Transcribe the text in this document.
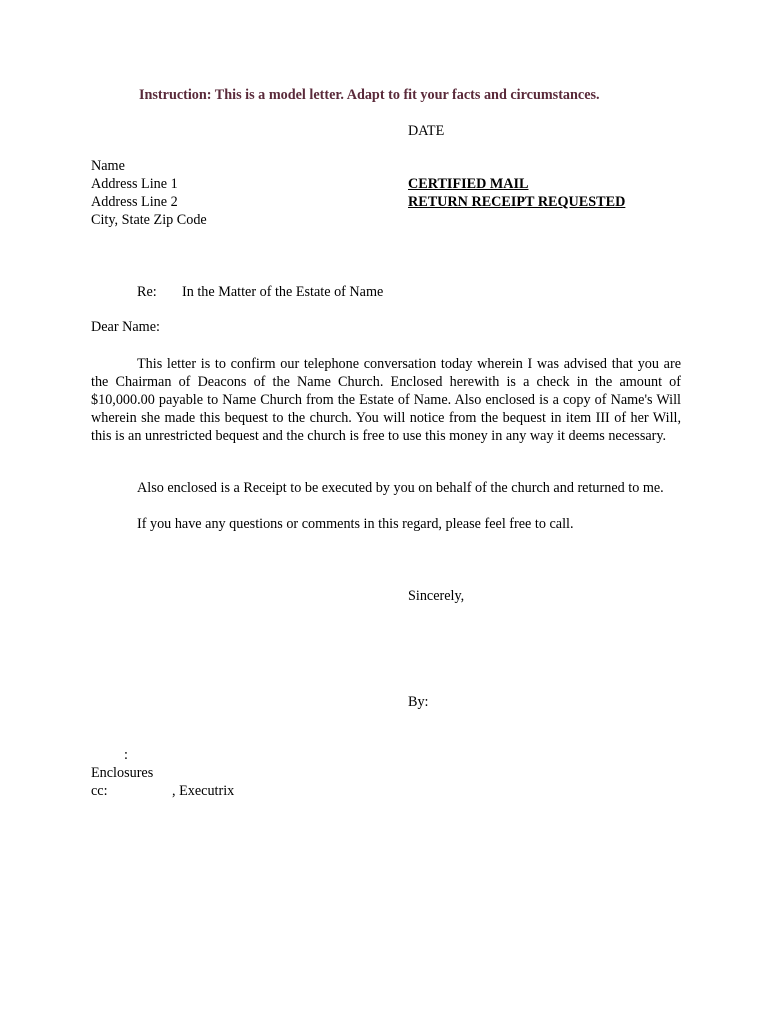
Instruction: This is a model letter. Adapt to fit your facts and circumstances.
DATE
Name
Address Line 1
Address Line 2
City, State Zip Code
CERTIFIED MAIL
RETURN RECEIPT REQUESTED
Re: In the Matter of the Estate of Name
Dear Name:
This letter is to confirm our telephone conversation today wherein I was advised that you are the Chairman of Deacons of the Name Church. Enclosed herewith is a check in the amount of $10,000.00 payable to Name Church from the Estate of Name. Also enclosed is a copy of Name's Will wherein she made this bequest to the church. You will notice from the bequest in item III of her Will, this is an unrestricted bequest and the church is free to use this money in any way it deems necessary.
Also enclosed is a Receipt to be executed by you on behalf of the church and returned to me.
If you have any questions or comments in this regard, please feel free to call.
Sincerely,
By:
:
Enclosures
cc:	, Executrix
